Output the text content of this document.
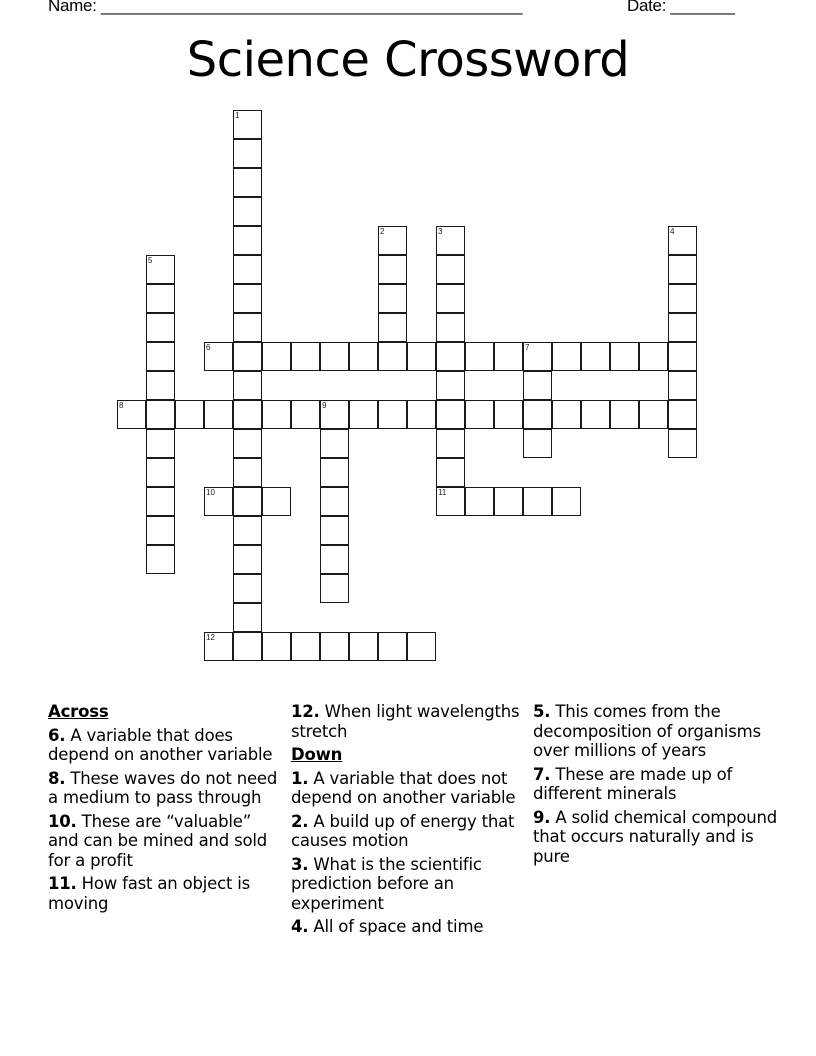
Name: ______________________________________________	Date: _______
Science Crossword
1
2	3
11
4
5
6	7
8	9
10
12
Across
6. A variable that does depend on another variable
8. These waves do not need a medium to pass through
10. These are “valuable” and can be mined and sold for a profit
11. How fast an object is moving
12. When light wavelengths stretch
Down
1. A variable that does not depend on another variable
2. A build up of energy that causes motion
3. What is the scientific prediction before an experiment
4. All of space and time
5. This comes from the decomposition of organisms over millions of years
7. These are made up of different minerals
9. A solid chemical compound that occurs naturally and is pure
